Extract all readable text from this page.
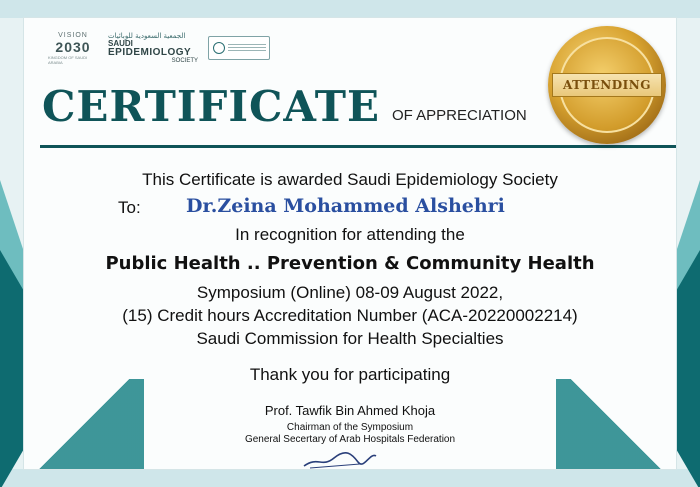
VISION
2030
KINGDOM OF SAUDI ARABIA
الجمعية السعودية للوبائيات
SAUDI
EPIDEMIOLOGY
SOCIETY
CERTIFICATE OF APPRECIATION
ATTENDING
This Certificate is awarded Saudi Epidemiology Society
To: Dr.Zeina Mohammed Alshehri
In recognition for attending the
Public Health .. Prevention & Community Health
Symposium (Online) 08-09 August 2022,
(15) Credit hours Accreditation Number (ACA-20220002214)
Saudi Commission for Health Specialties
Thank you for participating
Prof. Tawfik Bin Ahmed Khoja
Chairman of the Symposium
General Secertary of Arab Hospitals Federation
